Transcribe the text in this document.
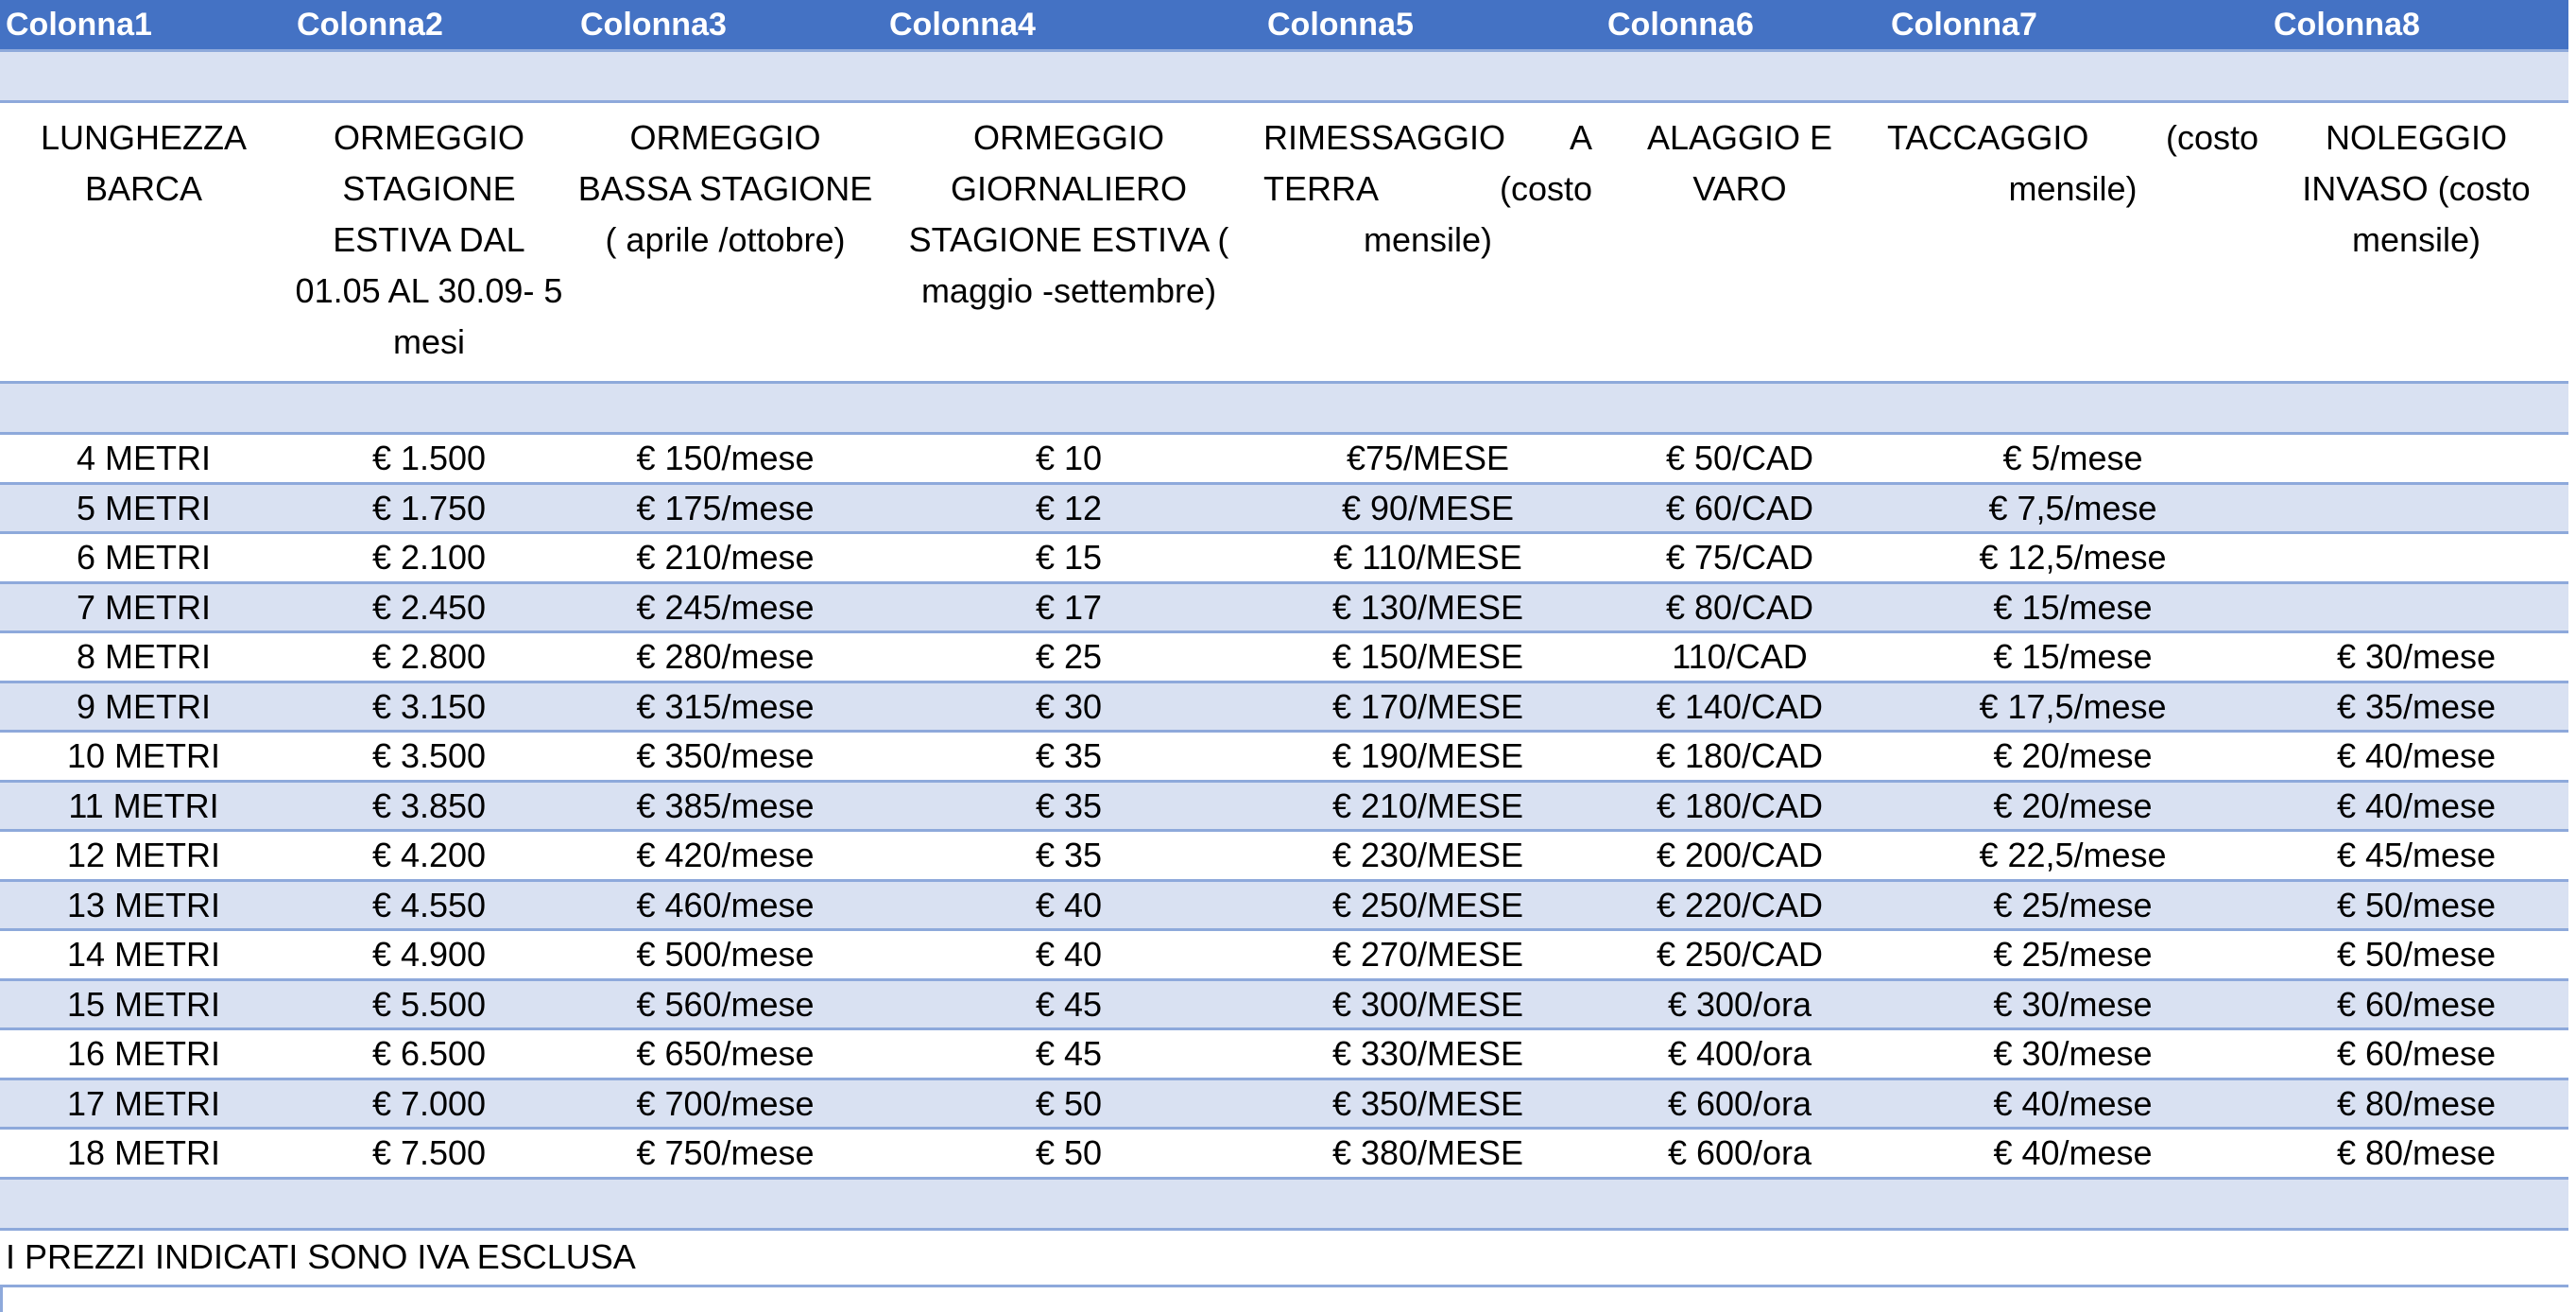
Colonna1	Colonna2	Colonna3	Colonna4	Colonna5	Colonna6	Colonna7	Colonna8

LUNGHEZZA BARCA	ORMEGGIO STAGIONE ESTIVA DAL 01.05 AL 30.09- 5 mesi	ORMEGGIO BASSA STAGIONE ( aprile /ottobre)	ORMEGGIO GIORNALIERO STAGIONE ESTIVA ( maggio -settembre)	RIMESSAGGIO A TERRA (costo mensile)	ALAGGIO E VARO	TACCAGGIO (costo mensile)	NOLEGGIO INVASO (costo mensile)

4 METRI	€ 1.500	€ 150/mese	€ 10	€75/MESE	€ 50/CAD	€ 5/mese	
5 METRI	€ 1.750	€ 175/mese	€ 12	€ 90/MESE	€ 60/CAD	€ 7,5/mese	
6 METRI	€ 2.100	€ 210/mese	€ 15	€ 110/MESE	€ 75/CAD	€ 12,5/mese	
7 METRI	€ 2.450	€ 245/mese	€ 17	€ 130/MESE	€ 80/CAD	€ 15/mese	
8 METRI	€ 2.800	€ 280/mese	€ 25	€ 150/MESE	110/CAD	€ 15/mese	€ 30/mese
9 METRI	€ 3.150	€ 315/mese	€ 30	€ 170/MESE	€ 140/CAD	€ 17,5/mese	€ 35/mese
10 METRI	€ 3.500	€ 350/mese	€ 35	€ 190/MESE	€ 180/CAD	€ 20/mese	€ 40/mese
11 METRI	€ 3.850	€ 385/mese	€ 35	€ 210/MESE	€ 180/CAD	€ 20/mese	€ 40/mese
12 METRI	€ 4.200	€ 420/mese	€ 35	€ 230/MESE	€ 200/CAD	€ 22,5/mese	€ 45/mese
13 METRI	€ 4.550	€ 460/mese	€ 40	€ 250/MESE	€ 220/CAD	€ 25/mese	€ 50/mese
14 METRI	€ 4.900	€ 500/mese	€ 40	€ 270/MESE	€ 250/CAD	€ 25/mese	€ 50/mese
15 METRI	€ 5.500	€ 560/mese	€ 45	€ 300/MESE	€ 300/ora	€ 30/mese	€ 60/mese
16 METRI	€ 6.500	€ 650/mese	€ 45	€ 330/MESE	€ 400/ora	€ 30/mese	€ 60/mese
17 METRI	€ 7.000	€ 700/mese	€ 50	€ 350/MESE	€ 600/ora	€ 40/mese	€ 80/mese
18 METRI	€ 7.500	€ 750/mese	€ 50	€ 380/MESE	€ 600/ora	€ 40/mese	€ 80/mese

I PREZZI INDICATI SONO IVA ESCLUSA							
